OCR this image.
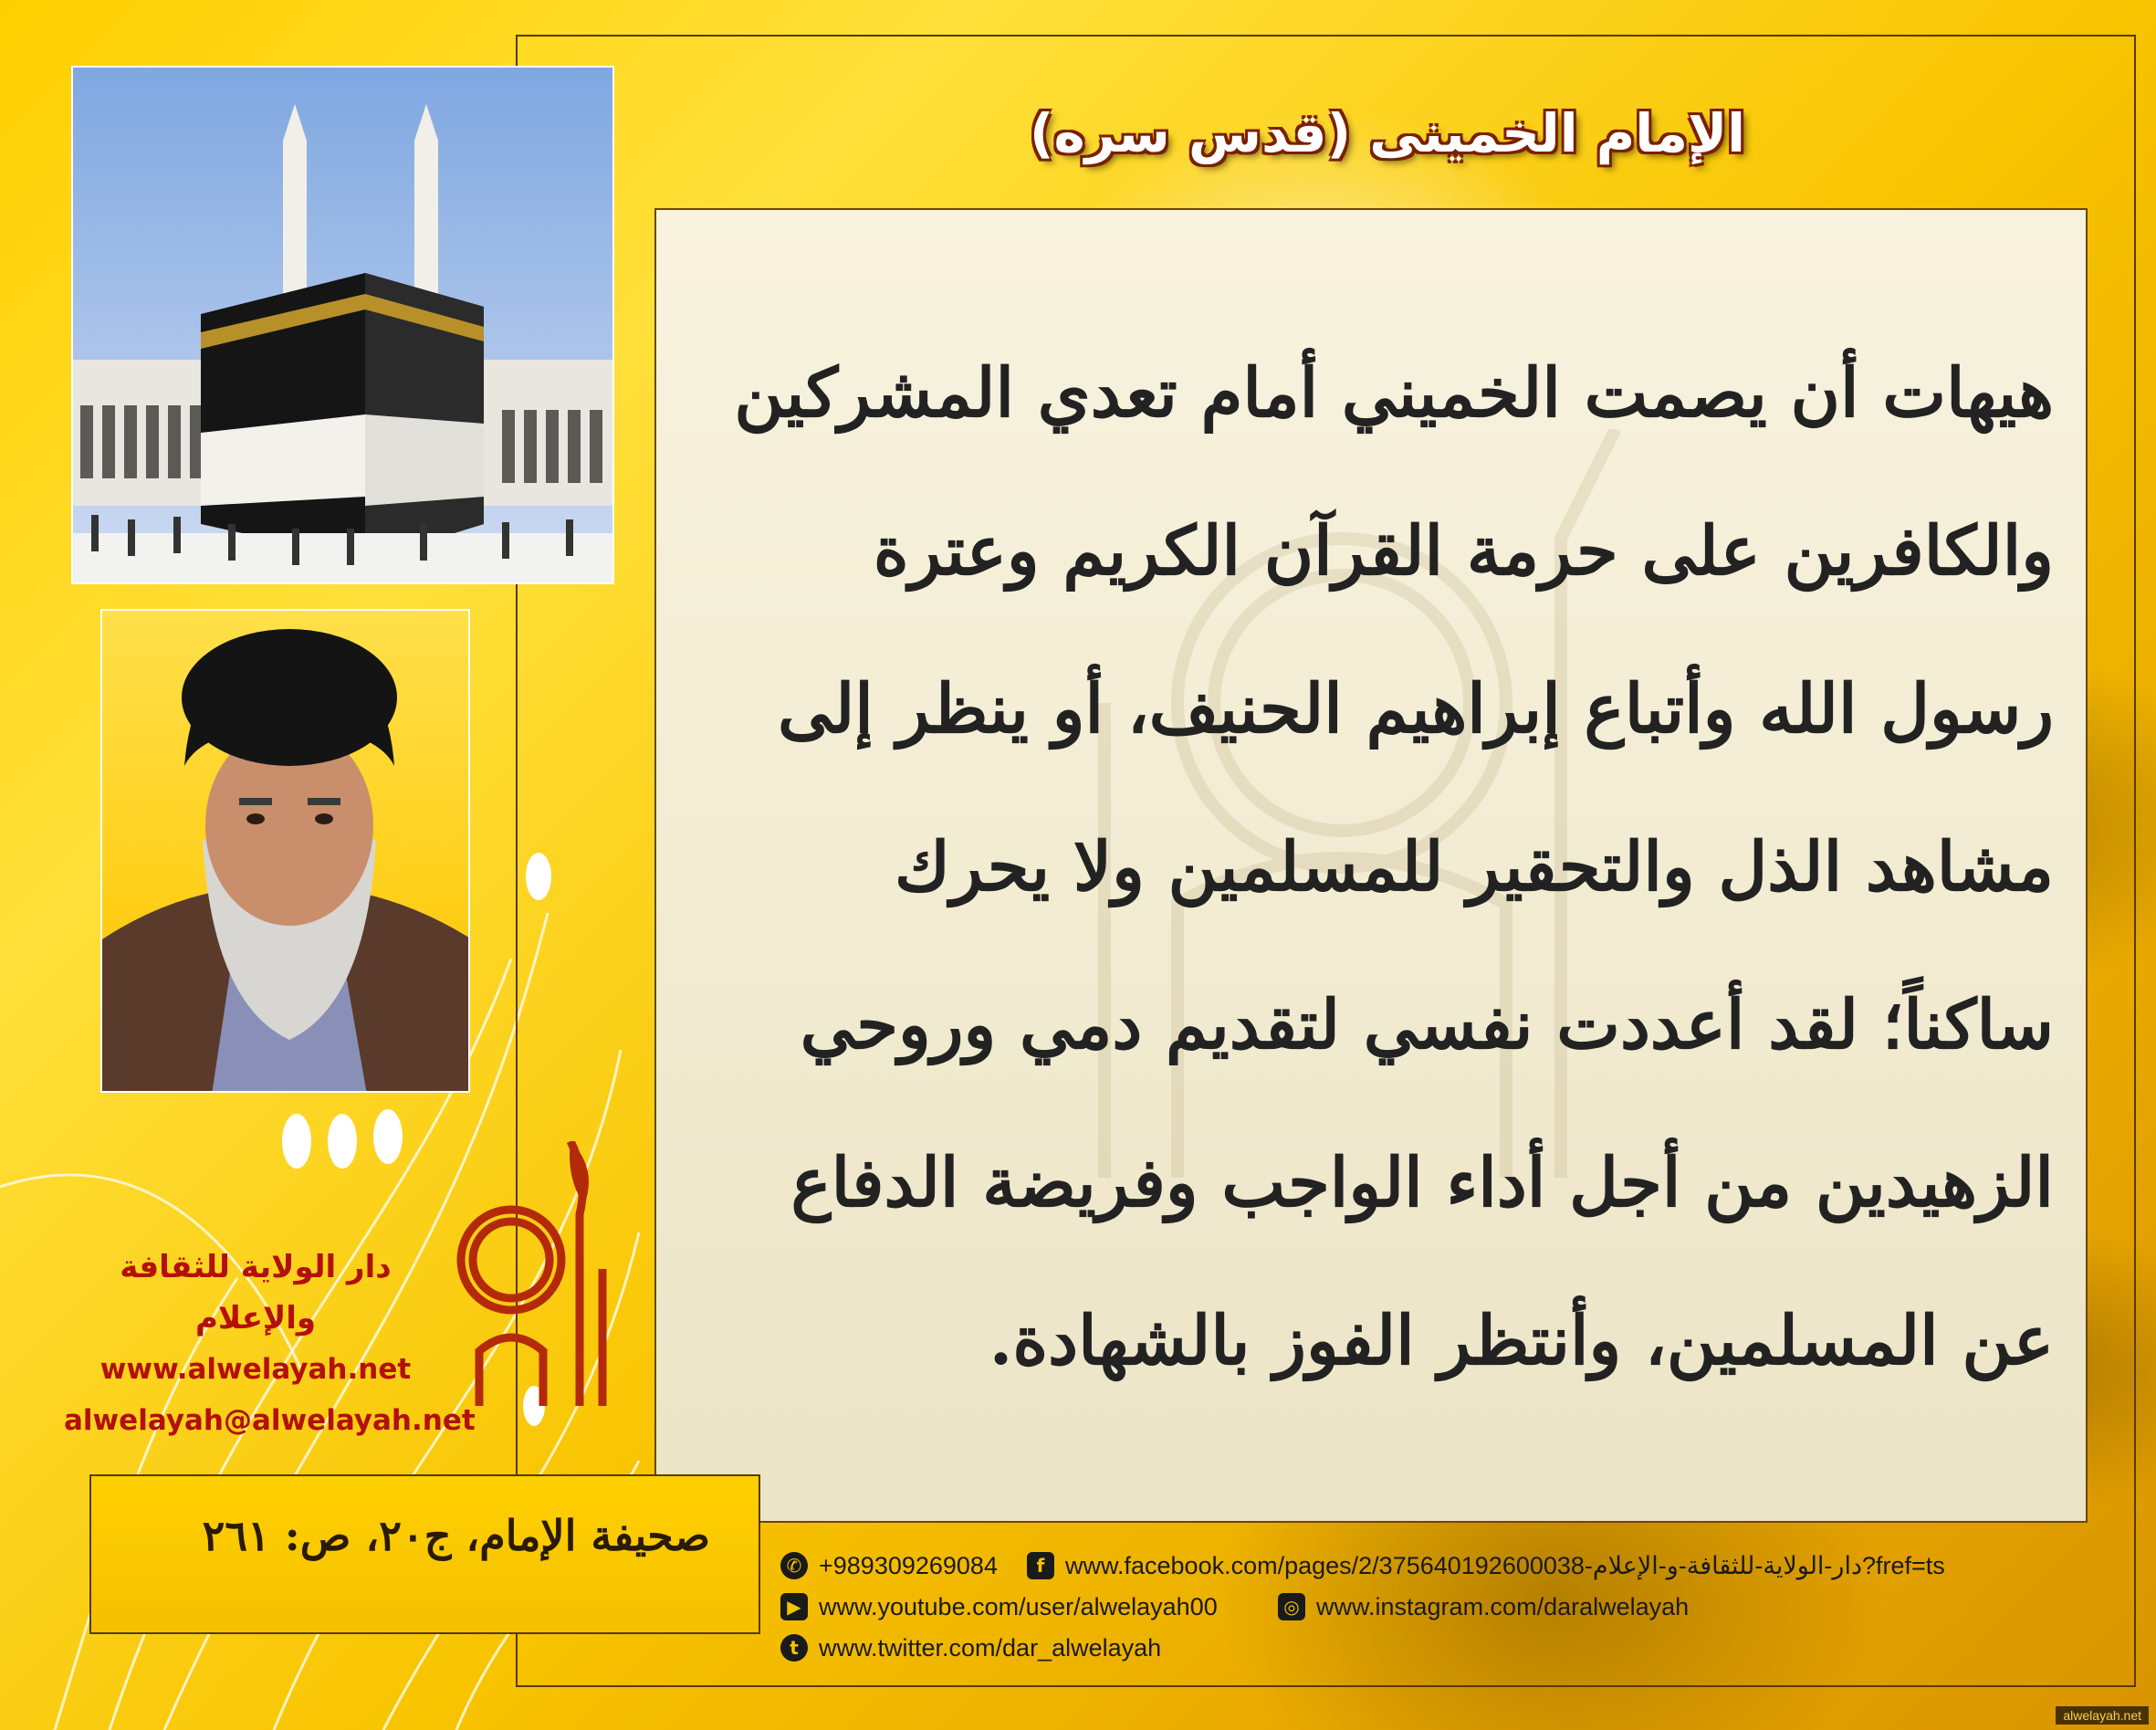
الإمام الخمينى (قدس سره)
هيهات أن يصمت الخميني أمام تعدي المشركين
والكافرين على حرمة القرآن الكريم وعترة
رسول الله وأتباع إبراهيم الحنيف، أو ينظر إلى
مشاهد الذل والتحقير للمسلمين ولا يحرك
ساكناً؛ لقد أعددت نفسي لتقديم دمي وروحي
الزهيدين من أجل أداء الواجب وفريضة الدفاع
عن المسلمين، وأنتظر الفوز بالشهادة.
دار الولاية للثقافة والإعلام
www.alwelayah.net
alwelayah@alwelayah.net
صحيفة الإمام، ج٢٠، ص: ٢٦١
✆ +989309269084	f www.facebook.com/pages/2/375640192600038-دار-الولاية-للثقافة-و-الإعلام?fref=ts
▶ www.youtube.com/user/alwelayah00	◎ www.instagram.com/daralwelayah
t www.twitter.com/dar_alwelayah
alwelayah.net
